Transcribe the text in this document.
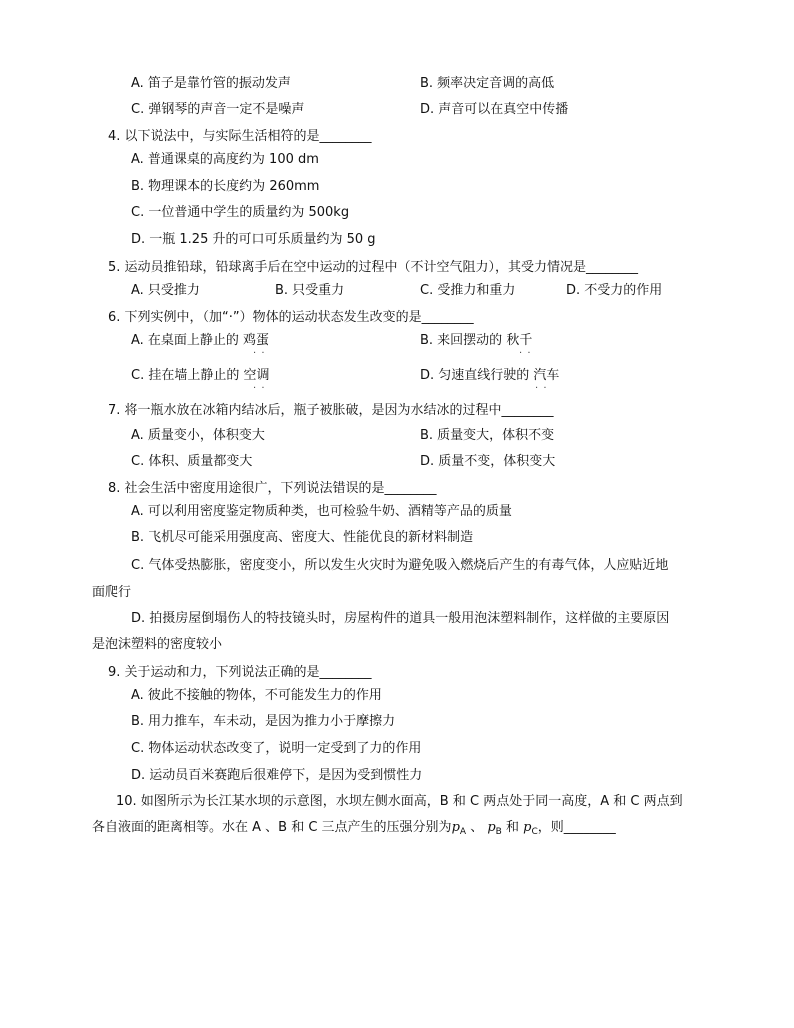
A. 笛子是靠竹管的振动发声	B. 频率决定音调的高低
C. 弹钢琴的声音一定不是噪声	D. 声音可以在真空中传播
4. 以下说法中，与实际生活相符的是________
A. 普通课桌的高度约为 100 dm
B. 物理课本的长度约为 260mm
C. 一位普通中学生的质量约为 500kg
D. 一瓶 1.25 升的可口可乐质量约为 50 g
5. 运动员推铅球，铅球离手后在空中运动的过程中（不计空气阻力），其受力情况是________
A. 只受推力	B. 只受重力	C. 受推力和重力	D. 不受力的作用
6. 下列实例中，（加“·”）物体的运动状态发生改变的是________
A. 在桌面上静止的 鸡蛋	B. 来回摆动的 秋千
· ·	· ·
C. 挂在墙上静止的 空调	D. 匀速直线行驶的 汽车
· ·	· ·
7. 将一瓶水放在冰箱内结冰后，瓶子被胀破，是因为水结冰的过程中________
A. 质量变小，体积变大	B. 质量变大，体积不变
C. 体积、质量都变大	D. 质量不变，体积变大
8. 社会生活中密度用途很广，下列说法错误的是________
A. 可以利用密度鉴定物质种类，也可检验牛奶、酒精等产品的质量
B. 飞机尽可能采用强度高、密度大、性能优良的新材料制造
C. 气体受热膨胀，密度变小，所以发生火灾时为避免吸入燃烧后产生的有毒气体，人应贴近地
面爬行
D. 拍摄房屋倒塌伤人的特技镜头时，房屋构件的道具一般用泡沫塑料制作，这样做的主要原因
是泡沫塑料的密度较小
9. 关于运动和力，下列说法正确的是________
A. 彼此不接触的物体，不可能发生力的作用
B. 用力推车，车未动，是因为推力小于摩擦力
C. 物体运动状态改变了，说明一定受到了力的作用
D. 运动员百米赛跑后很难停下，是因为受到惯性力
10. 如图所示为长江某水坝的示意图，水坝左侧水面高，B 和 C 两点处于同一高度，A 和 C 两点到
各自液面的距离相等。水在 A 、B 和 C 三点产生的压强分别为$p_A$ 、 $p_B$ 和 $p_C$，则________
